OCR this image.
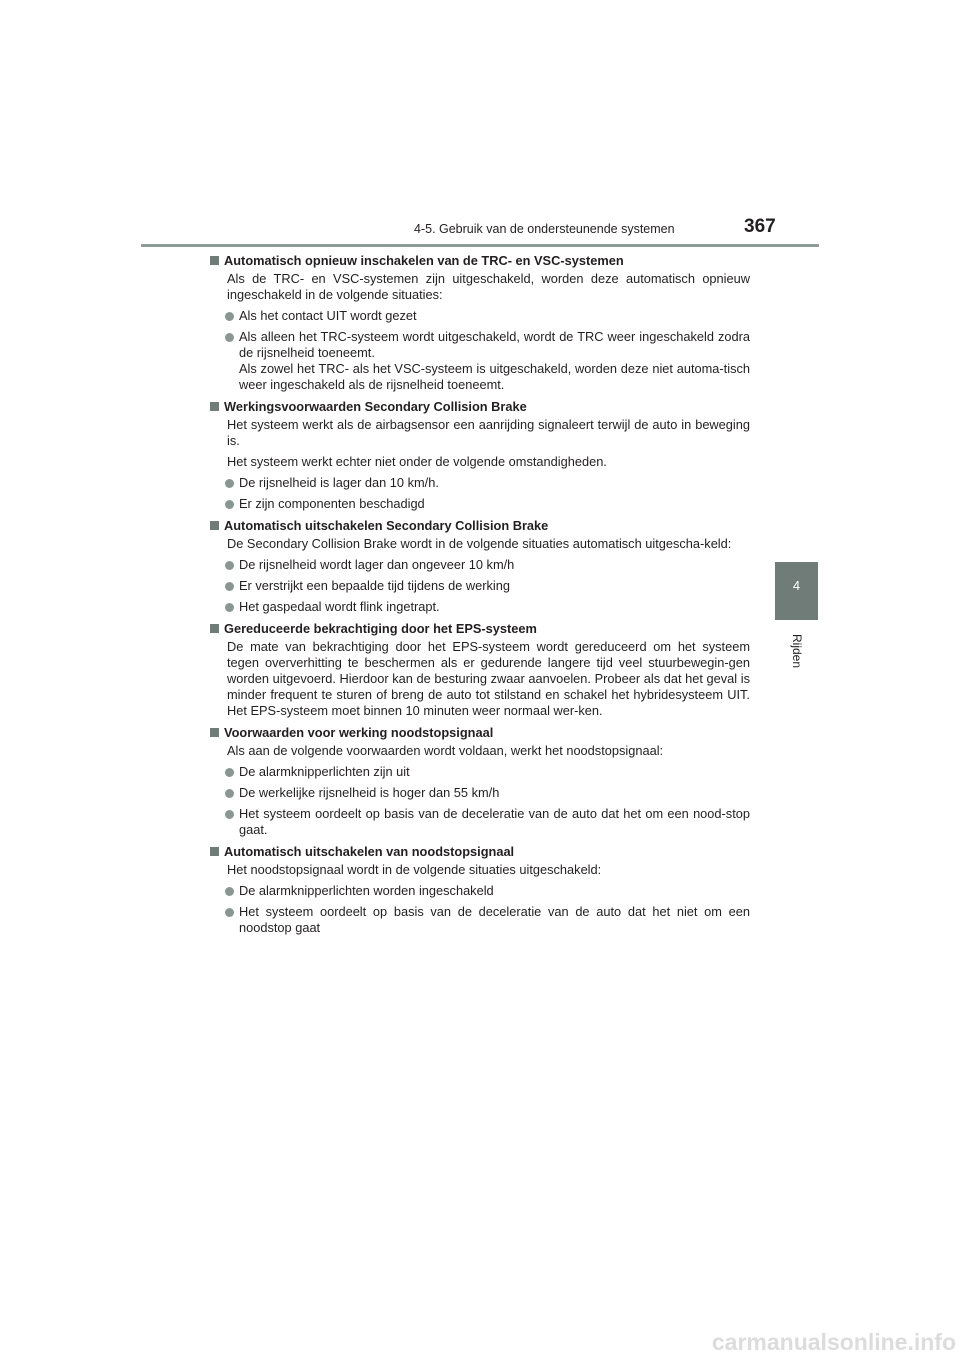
4-5. Gebruik van de ondersteunende systemen	367
4
Rijden
Automatisch opnieuw inschakelen van de TRC- en VSC-systemen
Als de TRC- en VSC-systemen zijn uitgeschakeld, worden deze automatisch opnieuw ingeschakeld in de volgende situaties:
Als het contact UIT wordt gezet
Als alleen het TRC-systeem wordt uitgeschakeld, wordt de TRC weer ingeschakeld zodra de rijsnelheid toeneemt.
Als zowel het TRC- als het VSC-systeem is uitgeschakeld, worden deze niet automa-tisch weer ingeschakeld als de rijsnelheid toeneemt.
Werkingsvoorwaarden Secondary Collision Brake
Het systeem werkt als de airbagsensor een aanrijding signaleert terwijl de auto in beweging is.
Het systeem werkt echter niet onder de volgende omstandigheden.
De rijsnelheid is lager dan 10 km/h.
Er zijn componenten beschadigd
Automatisch uitschakelen Secondary Collision Brake
De Secondary Collision Brake wordt in de volgende situaties automatisch uitgescha-keld:
De rijsnelheid wordt lager dan ongeveer 10 km/h
Er verstrijkt een bepaalde tijd tijdens de werking
Het gaspedaal wordt flink ingetrapt.
Gereduceerde bekrachtiging door het EPS-systeem
De mate van bekrachtiging door het EPS-systeem wordt gereduceerd om het systeem tegen oververhitting te beschermen als er gedurende langere tijd veel stuurbewegin-gen worden uitgevoerd. Hierdoor kan de besturing zwaar aanvoelen. Probeer als dat het geval is minder frequent te sturen of breng de auto tot stilstand en schakel het hybridesysteem UIT. Het EPS-systeem moet binnen 10 minuten weer normaal wer-ken.
Voorwaarden voor werking noodstopsignaal
Als aan de volgende voorwaarden wordt voldaan, werkt het noodstopsignaal:
De alarmknipperlichten zijn uit
De werkelijke rijsnelheid is hoger dan 55 km/h
Het systeem oordeelt op basis van de deceleratie van de auto dat het om een nood-stop gaat.
Automatisch uitschakelen van noodstopsignaal
Het noodstopsignaal wordt in de volgende situaties uitgeschakeld:
De alarmknipperlichten worden ingeschakeld
Het systeem oordeelt op basis van de deceleratie van de auto dat het niet om een noodstop gaat
carmanualsonline.info
